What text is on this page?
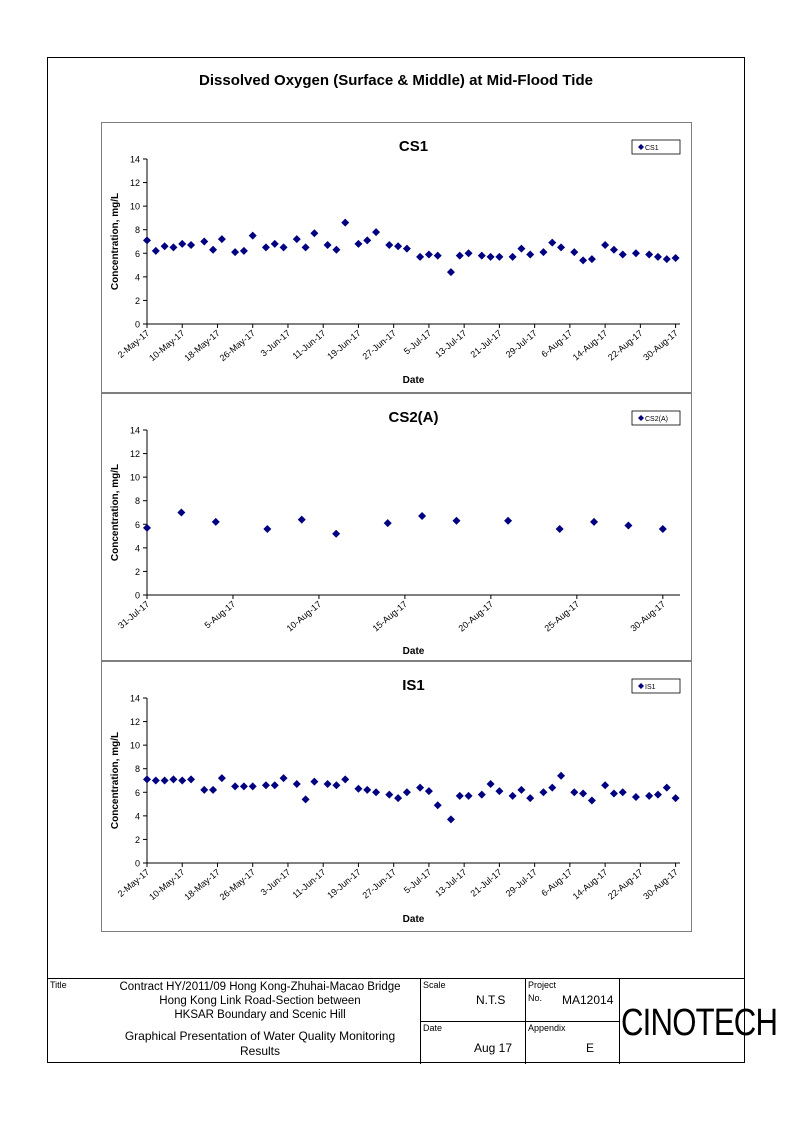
Dissolved Oxygen (Surface & Middle) at Mid-Flood Tide
CS1
0
2
4
6
8
10
12
14
2-May-17
10-May-17
18-May-17
26-May-17 3-Jun-17
11-Jun-17
19-Jun-17
27-Jun-17 5-Jul-17 13-Jul-17 21-Jul-17 29-Jul-17 6-Aug-17
14-Aug-17
22-Aug-17
30-Aug-17
Date
Concentration, mg/L
CS1
CS2(A)
0
2
4
6
8
10
12
14
31-Jul-17	5-Aug-17	10-Aug-17	15-Aug-17	20-Aug-17	25-Aug-17	30-Aug-17
Date
Concentration, mg/L
CS2(A)
IS1
0
2
4
6
8
10
12
14
2-May-17
10-May-17
18-May-17
26-May-17 3-Jun-17
11-Jun-17
19-Jun-17
27-Jun-17 5-Jul-17 13-Jul-17 21-Jul-17 29-Jul-17 6-Aug-17
14-Aug-17
22-Aug-17
30-Aug-17
Date
Concentration, mg/L
IS1
Title	Contract HY/2011/09 Hong Kong-Zhuhai-Macao Bridge
Hong Kong Link Road-Section between
HKSAR Boundary and Scenic Hill
Graphical Presentation of Water Quality Monitoring
Results
Scale
N.T.S
Date
Aug 17
Project
No. MA12014
Appendix
E
CINOTECH
